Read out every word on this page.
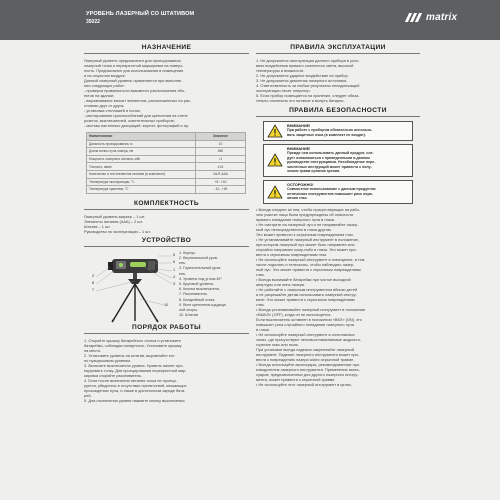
УРОВЕНЬ ЛАЗЕРНЫЙ СО ШТАТИВОМ
35022	matrix
НАЗНАЧЕНИЕ
Лазерный уровень предназначен для проецирования
лазерной точки и перекрестной маркировки на поверх-
ность. Предназначен для использования в помещении
и на открытом воздухе.
Данный лазерный уровень применяется при выполне-
нии следующих работ:
- проверка правильности взаимного расположения объ-
ектов на здании;
- выравнивание вносит элементов, расположенных на рас-
стоянии друг от друга;
- установка стеллажей и полок;
- монтирование приспособлений для крепления на стене
розеток, выключателей, осветительных приборов;
- монтаж настенных декораций: картин, фотографий и пр.
Наименование	Значение
Дальность проецирования, м	10
Длина волны луча лазера, нм	650
Мощность лазерного сигнала, мВт	<1
Точность, мм/м	±1/1
Количество и тип элементов питания (в комплекте)	2хLR-AAA
Температура эксплуатации, °С	+5...+40
Температура хранения, °С	- 10...+45
КОМПЛЕКТНОСТЬ
Лазерный уровень-маркер – 1 шт.
Элементы питания (ААА) – 2 шт.
Штатив – 1 шт.
Руководство по эксплуатации – 1 шт.
УСТРОЙСТВО
5
6
1
4
3
2
8
7
10
1. Корпус.
2. Вертикальный уров-
ень.
3. Горизонтальный уров-
ень.
4. Уровень под углом 45°
5. Круговой уровень.
6. Кнопка выключателя.
7. Рассеиватель.
8. Батарейный отсек.
9. Винт крепления щадяще-
ной опоры.
10. Штатив
ПОРЯДОК РАБОТЫ
1. Откройте крышку батарейного отсека и установите
батарейки, соблюдая полярность. Установите крышку
на место.
2. Установите уровень на штатив, выровняйте его
по пузырьковым уровням.
3. Включите выключатель уровня. Уровень начнет про-
ецировать точку. Для проецирования перекрестной мар-
кировки откройте рассеиватель.
4. Если после включения питания точка не проеци-
руется, убедитесь в отсутствии препятствий, мешающих
прохождению луча, и также в достаточном заряде бата-
рей.
5. Для отключения уровня нажмите кнопку выключения.
ПРАВИЛА ЭКСПЛУАТАЦИИ
1. Не допускается эксплуатация данного прибора в усло-
виях воздействия прямого солнечного света, высокой
температуры и влажности.
2. Не допускается ударное воздействие на прибор.
3. Не допускается демонтаж лазерного источника.
4. Ответственность за любые результаты ненадлежащей
эксплуатации несет оператор.
5. Если прибор помещается на хранение, следует обяза-
тельно отключить его питание и вынуть батареи.
ПРАВИЛА БЕЗОПАСНОСТИ
ВНИМАНИЕ!
При работе с прибором обязательно использо-
вать защитные очки (в комплект не входят).
ВНИМАНИЕ!
Прежде чем использовать данный продукт, сле-
дует ознакомиться с приведенными в данном
руководстве инструкциями. Несоблюдение пере-
численных инструкций может привести к полу-
чению травм органов зрения.
ОСТОРОЖНО!
Совместное использование с данным продуктом
оптических инструментов повышает риск пора-
жения глаз.
• Всегда следите за тем, чтобы присутствующие на рабо-
чем участке лица были предупреждены об опасности
прямого попадания лазерного луча в глаза.
• Не смотрите на лазерный луч и не направляйте лазер-
ный луч непосредственно в глаза другим.
Это может привести к серьезным повреждениям глаз.
• Не устанавливайте лазерный инструмент в положение,
при котором лазерный луч может быть направлен или
случайно направлен кому-либо в глаза. Это может при-
вести к серьезным повреждениям глаз.
• Не используйте лазерный инструмент в помещение, в тем
числе подолать и телескопы, чтобы наблюдать лазер-
ный луч. Это может привести к серьезным повреждениям
глаз.
• Всегда вынимайте батарейки при чистке выходной
апертуры или линз лазера.
• Не работайте с лазерным инструментом вблизи детей
и не разрешайте детям использовать лазерный инстру-
мент. Это может привести к серьезным повреждениям
глаз.
• Всегда устанавливайте лазерный инструмент в положение
«ВЫКЛ» (OFF), когда он не используется.
Если выключатель оставлен в положении «ВКЛ» (ON), это
повышает риск случайного попадания лазерного луча
в глаза.
• Не используйте лазерный инструмент в огнеопасных
зонах, где присутствуют легковоспламеняемые жидкости,
горючие газы или пыль.
При установке всегда надежно закрепляйте лазерный
инструмент. Падение лазерного инструмента может при-
вести к повреждению лазера и/или серьезной травме.
• Всегда используйте аксессуары, рекомендованные про-
изводителем лазерного инструмента. Применение аксес-
суаров, предназначенных для другого лазерного инстру-
мента, может привести к серьезной травме.
• Не используйте этот лазерный инструмент в целях,
